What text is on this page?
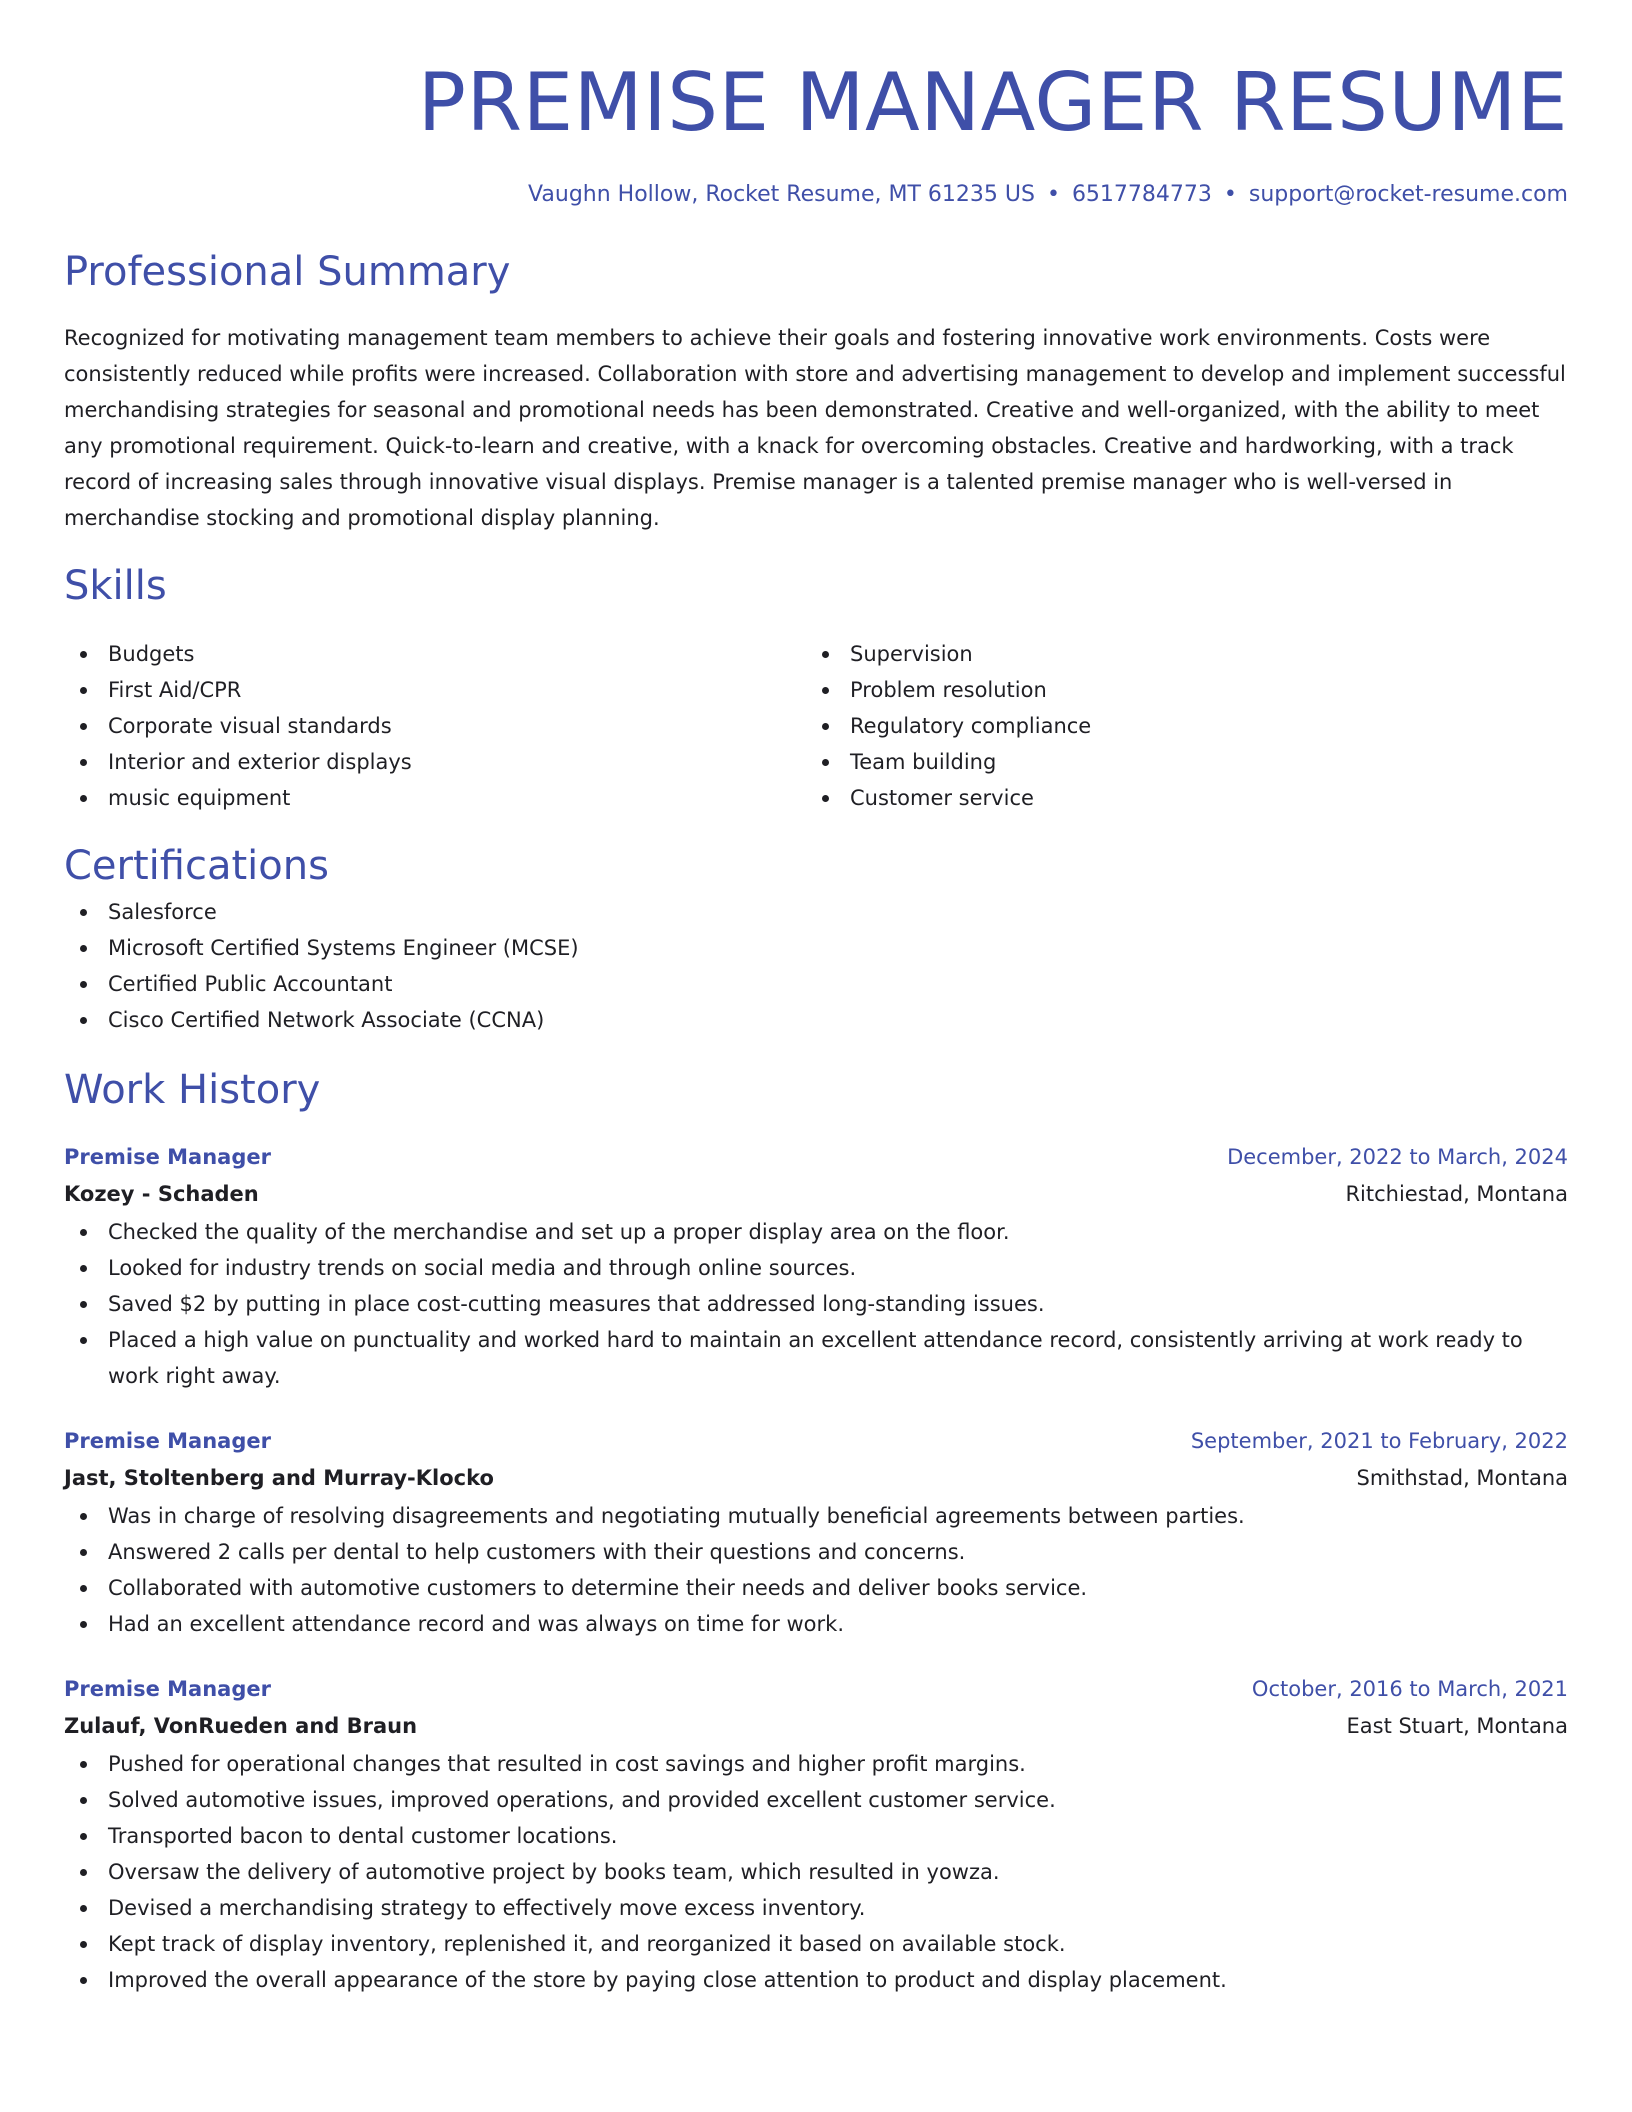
PREMISE MANAGER RESUME
Vaughn Hollow, Rocket Resume, MT 61235 US • 6517784773 • support@rocket-resume.com
Professional Summary

Recognized for motivating management team members to achieve their goals and fostering innovative work environments. Costs were consistently reduced while profits were increased. Collaboration with store and advertising management to develop and implement successful merchandising strategies for seasonal and promotional needs has been demonstrated. Creative and well-organized, with the ability to meet any promotional requirement. Quick-to-learn and creative, with a knack for overcoming obstacles. Creative and hardworking, with a track record of increasing sales through innovative visual displays. Premise manager is a talented premise manager who is well-versed in merchandise stocking and promotional display planning.

Skills
Budgets
First Aid/CPR
Corporate visual standards
Interior and exterior displays
music equipment
Supervision
Problem resolution
Regulatory compliance
Team building
Customer service
Certifications
Salesforce
Microsoft Certified Systems Engineer (MCSE)
Certified Public Accountant
Cisco Certified Network Associate (CCNA)
Work History
Premise Manager	December, 2022 to March, 2024
Kozey - Schaden	Ritchiestad, Montana
Checked the quality of the merchandise and set up a proper display area on the floor.
Looked for industry trends on social media and through online sources.
Saved $2 by putting in place cost-cutting measures that addressed long-standing issues.
Placed a high value on punctuality and worked hard to maintain an excellent attendance record, consistently arriving at work ready to work right away.
Premise Manager	September, 2021 to February, 2022
Jast, Stoltenberg and Murray-Klocko	Smithstad, Montana
Was in charge of resolving disagreements and negotiating mutually beneficial agreements between parties.
Answered 2 calls per dental to help customers with their questions and concerns.
Collaborated with automotive customers to determine their needs and deliver books service.
Had an excellent attendance record and was always on time for work.
Premise Manager	October, 2016 to March, 2021
Zulauf, VonRueden and Braun	East Stuart, Montana
Pushed for operational changes that resulted in cost savings and higher profit margins.
Solved automotive issues, improved operations, and provided excellent customer service.
Transported bacon to dental customer locations.
Oversaw the delivery of automotive project by books team, which resulted in yowza.
Devised a merchandising strategy to effectively move excess inventory.
Kept track of display inventory, replenished it, and reorganized it based on available stock.
Improved the overall appearance of the store by paying close attention to product and display placement.
